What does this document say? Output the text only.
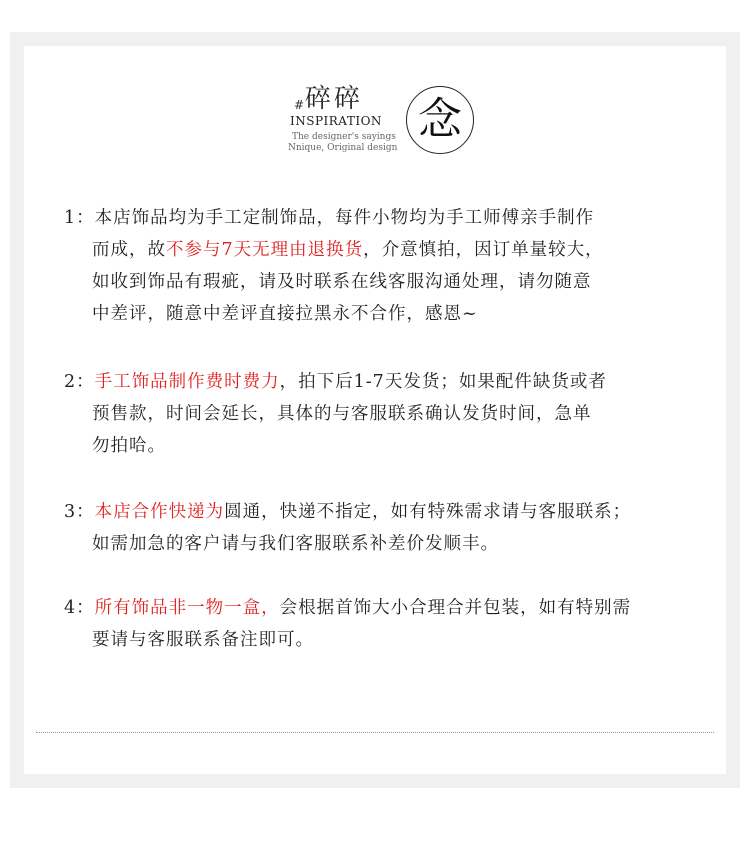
# 碎碎
INSPIRATION
The designer's sayings
Nnique, Original design
念
1：本店饰品均为手工定制饰品，每件小物均为手工师傅亲手制作
而成，故不参与7天无理由退换货，介意慎拍，因订单量较大，
如收到饰品有瑕疵，请及时联系在线客服沟通处理，请勿随意
中差评，随意中差评直接拉黑永不合作，感恩~
2：手工饰品制作费时费力，拍下后1-7天发货；如果配件缺货或者
预售款，时间会延长，具体的与客服联系确认发货时间，急单
勿拍哈。
3：本店合作快递为圆通，快递不指定，如有特殊需求请与客服联系；
如需加急的客户请与我们客服联系补差价发顺丰。
4：所有饰品非一物一盒，会根据首饰大小合理合并包装，如有特别需
要请与客服联系备注即可。
